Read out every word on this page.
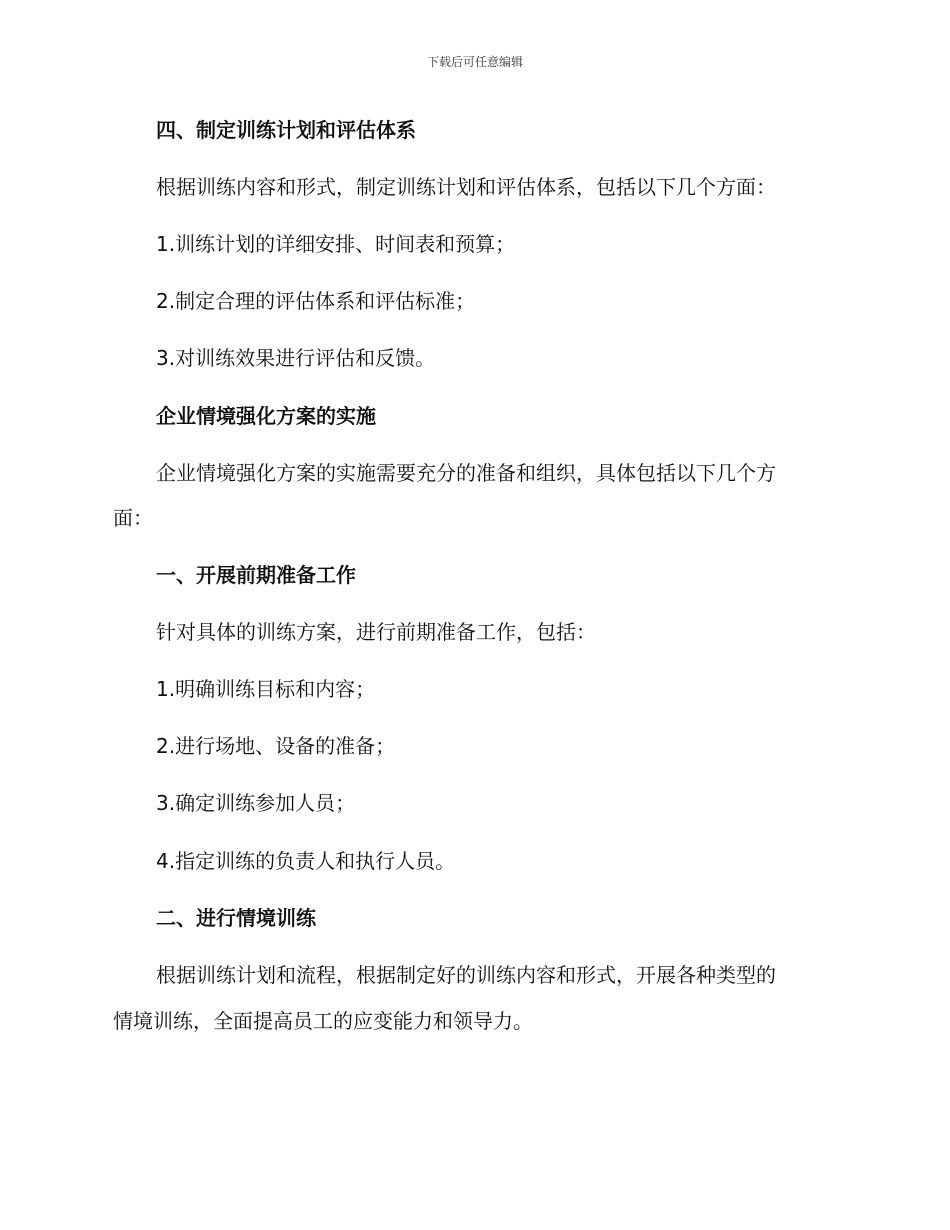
下载后可任意编辑
四、制定训练计划和评估体系
根据训练内容和形式，制定训练计划和评估体系，包括以下几个方面：
1.训练计划的详细安排、时间表和预算；
2.制定合理的评估体系和评估标准；
3.对训练效果进行评估和反馈。
企业情境强化方案的实施
企业情境强化方案的实施需要充分的准备和组织，具体包括以下几个方
面：
一、开展前期准备工作
针对具体的训练方案，进行前期准备工作，包括：
1.明确训练目标和内容；
2.进行场地、设备的准备；
3.确定训练参加人员；
4.指定训练的负责人和执行人员。
二、进行情境训练
根据训练计划和流程，根据制定好的训练内容和形式，开展各种类型的
情境训练，全面提高员工的应变能力和领导力。
